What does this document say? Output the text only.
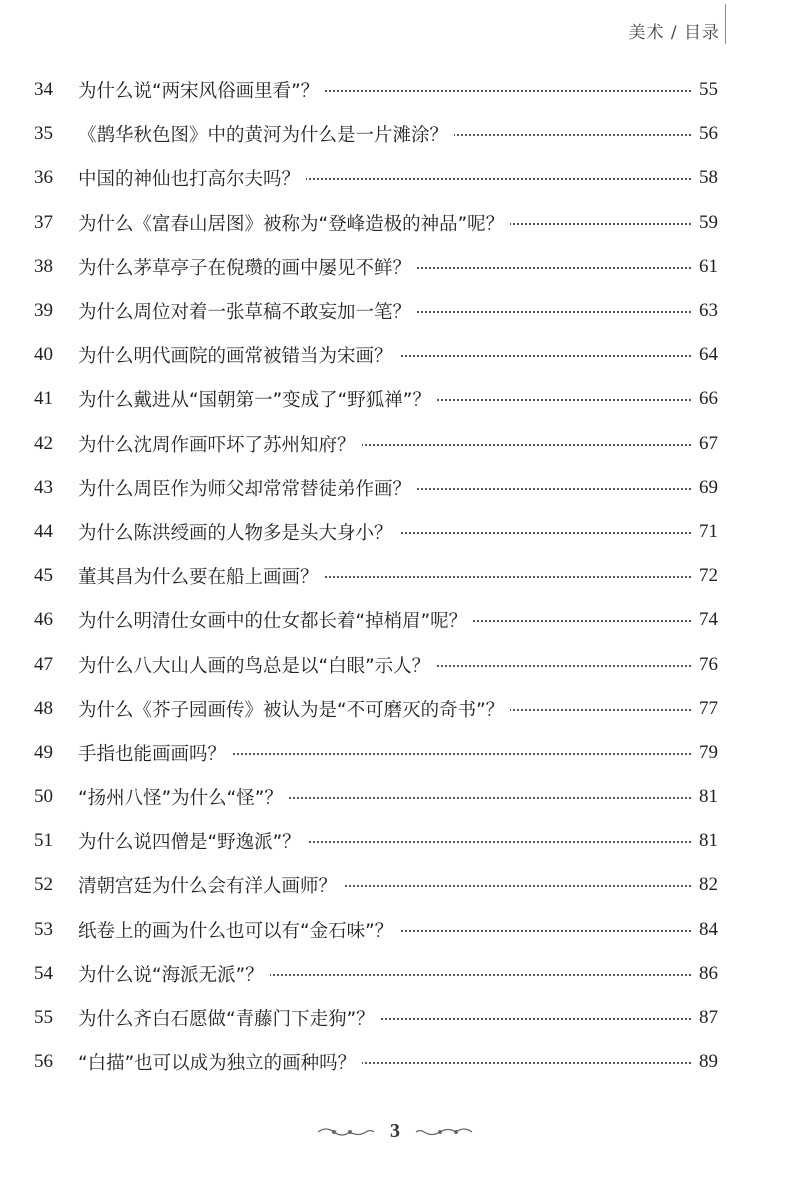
美术 / 目录
34	为什么说“两宋风俗画里看”？	55
35	《鹊华秋色图》中的黄河为什么是一片滩涂？	56
36	中国的神仙也打高尔夫吗？	58
37	为什么《富春山居图》被称为“登峰造极的神品”呢？	59
38	为什么茅草亭子在倪瓒的画中屡见不鲜？	61
39	为什么周位对着一张草稿不敢妄加一笔？	63
40	为什么明代画院的画常被错当为宋画？	64
41	为什么戴进从“国朝第一”变成了“野狐禅”？	66
42	为什么沈周作画吓坏了苏州知府？	67
43	为什么周臣作为师父却常常替徒弟作画？	69
44	为什么陈洪绶画的人物多是头大身小？	71
45	董其昌为什么要在船上画画？	72
46	为什么明清仕女画中的仕女都长着“掉梢眉”呢？	74
47	为什么八大山人画的鸟总是以“白眼”示人？	76
48	为什么《芥子园画传》被认为是“不可磨灭的奇书”？	77
49	手指也能画画吗？	79
50	“扬州八怪”为什么“怪”？	81
51	为什么说四僧是“野逸派”？	81
52	清朝宫廷为什么会有洋人画师？	82
53	纸卷上的画为什么也可以有“金石味”？	84
54	为什么说“海派无派”？	86
55	为什么齐白石愿做“青藤门下走狗”？	87
56	“白描”也可以成为独立的画种吗？	89
3
